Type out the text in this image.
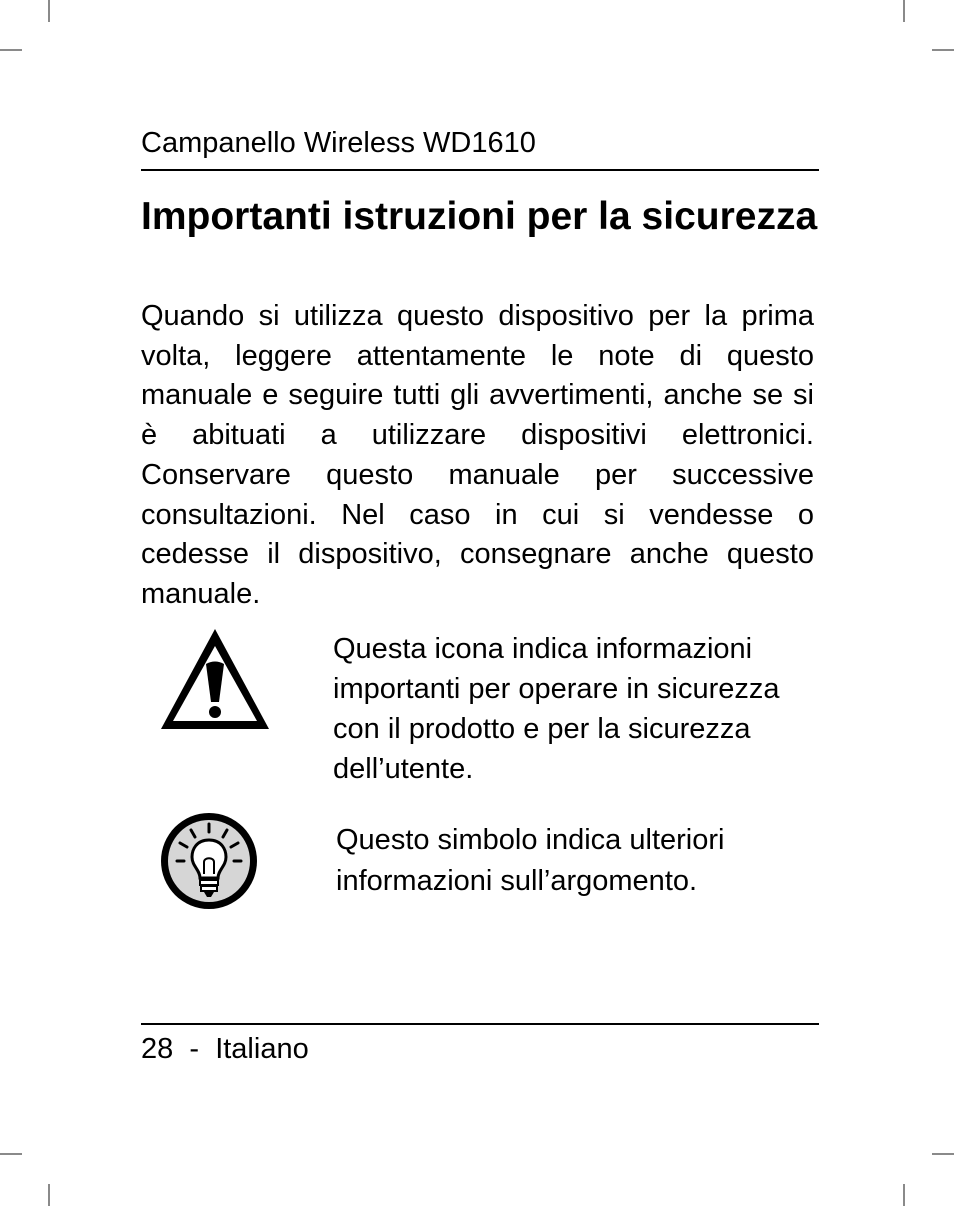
Campanello Wireless WD1610
Importanti istruzioni per la sicurezza

Quando si utilizza questo dispositivo per la prima volta, leggere attentamente le note di questo manuale e seguire tutti gli avvertimenti, anche se si è abituati a utilizzare dispositivi elettronici. Conservare questo manuale per successive consultazioni. Nel caso in cui si vendesse o cedesse il dispositivo, consegnare anche questo manuale.

Questa icona indica informazioni importanti per operare in sicurezza con il prodotto e per la sicurezza dell’utente.

Questo simbolo indica ulteriori informazioni sull’argomento.

28 - Italiano
